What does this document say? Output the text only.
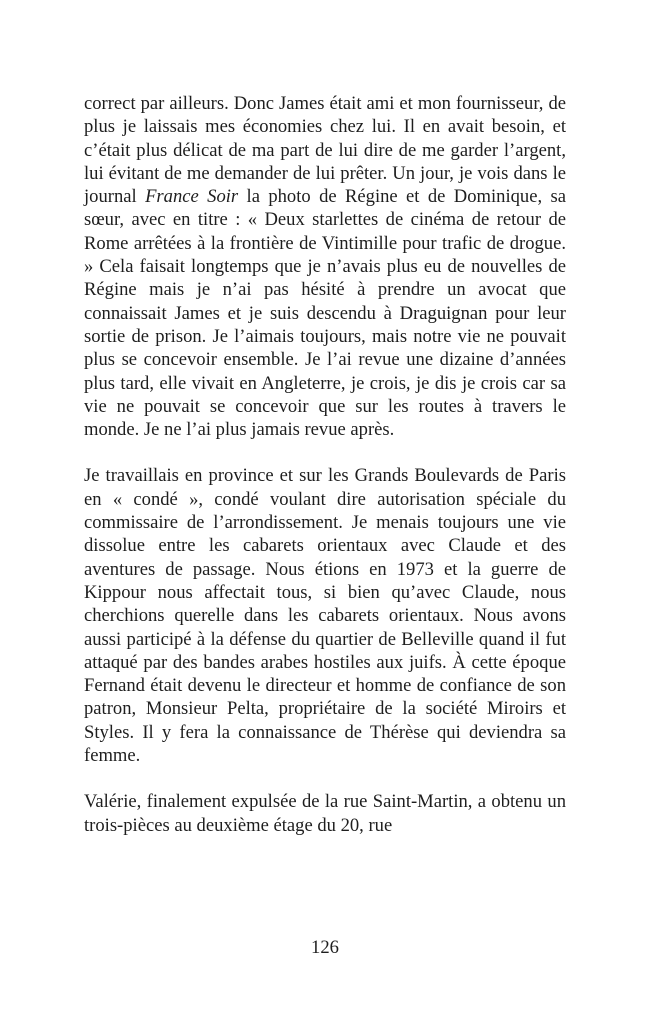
correct par ailleurs. Donc James était ami et mon fournisseur, de plus je laissais mes économies chez lui. Il en avait besoin, et c’était plus délicat de ma part de lui dire de me garder l’argent, lui évitant de me demander de lui prêter. Un jour, je vois dans le journal France Soir la photo de Régine et de Dominique, sa sœur, avec en titre : « Deux starlettes de cinéma de retour de Rome arrêtées à la frontière de Vintimille pour trafic de drogue. » Cela faisait longtemps que je n’avais plus eu de nouvelles de Régine mais je n’ai pas hésité à prendre un avocat que connaissait James et je suis descendu à Draguignan pour leur sortie de prison. Je l’aimais toujours, mais notre vie ne pouvait plus se concevoir ensemble. Je l’ai revue une dizaine d’années plus tard, elle vivait en Angleterre, je crois, je dis je crois car sa vie ne pouvait se concevoir que sur les routes à travers le monde. Je ne l’ai plus jamais revue après.

Je travaillais en province et sur les Grands Boulevards de Paris en « condé », condé voulant dire autorisation spéciale du commissaire de l’arrondissement. Je menais toujours une vie dissolue entre les cabarets orientaux avec Claude et des aventures de passage. Nous étions en 1973 et la guerre de Kippour nous affectait tous, si bien qu’avec Claude, nous cherchions querelle dans les cabarets orientaux. Nous avons aussi participé à la défense du quartier de Belleville quand il fut attaqué par des bandes arabes hostiles aux juifs. À cette époque Fernand était devenu le directeur et homme de confiance de son patron, Monsieur Pelta, propriétaire de la société Miroirs et Styles. Il y fera la connaissance de Thérèse qui deviendra sa femme.

Valérie, finalement expulsée de la rue Saint-Martin, a obtenu un trois-pièces au deuxième étage du 20, rue

126
